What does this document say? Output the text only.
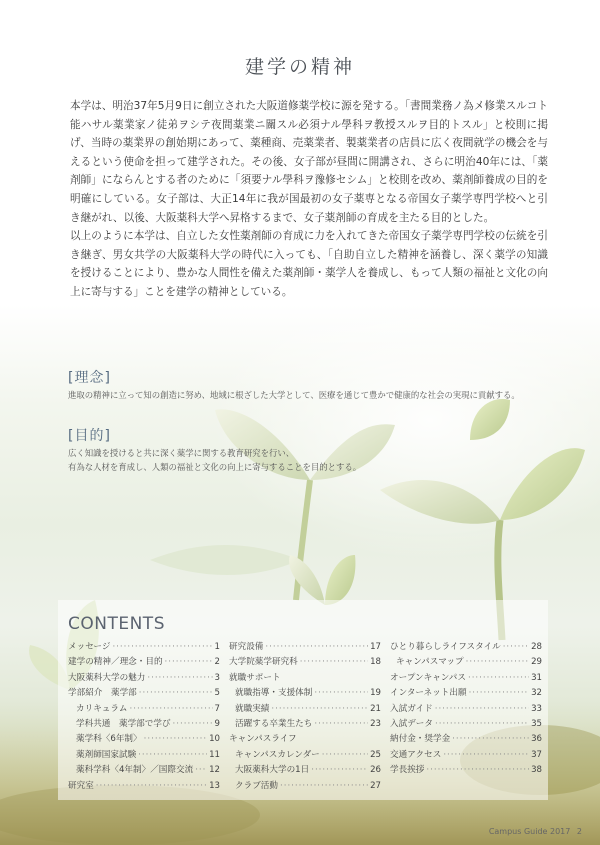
建学の精神

本学は、明治37年5月9日に創立された大阪道修薬学校に源を発する。「書間業務ノ為メ修業スルコト能ハサル薬業家ノ徒弟ヲシテ夜間薬業ニ關スル必須ナル學科ヲ教授スルヲ目的トスル」と校則に掲げ、当時の薬業界の創始期にあって、薬種商、売薬業者、製薬業者の店員に広く夜間就学の機会を与えるという使命を担って建学された。その後、女子部が昼間に開講され、さらに明治40年には、「薬剤師」にならんとする者のために「須要ナル學科ヲ豫修セシム」と校則を改め、薬剤師養成の目的を明確にしている。女子部は、大正14年に我が国最初の女子薬専となる帝国女子薬学専門学校へと引き継がれ、以後、大阪薬科大学へ昇格するまで、女子薬剤師の育成を主たる目的とした。

以上のように本学は、自立した女性薬剤師の育成に力を入れてきた帝国女子薬学専門学校の伝統を引き継ぎ、男女共学の大阪薬科大学の時代に入っても、「自助自立した精神を涵養し、深く薬学の知識を授けることにより、豊かな人間性を備えた薬剤師・薬学人を養成し、もって人類の福祉と文化の向上に寄与する」ことを建学の精神としている。

[理念]
進取の精神に立って知の創造に努め、地域に根ざした大学として、医療を通じて豊かで健康的な社会の実現に貢献する。
[目的]
広く知識を授けると共に深く薬学に関する教育研究を行い、
有為な人材を育成し、人類の福祉と文化の向上に寄与することを目的とする。
CONTENTS
メッセージ ·····	1
建学の精神／理念・目的 ·····	2
大阪薬科大学の魅力 ·····	3
学部紹介　薬学部 ·····	5
カリキュラム ·····	7
学科共通　薬学部で学び ·····	9
薬学科〈6年制〉 ·····	10
薬剤師国家試験 ·····	11
薬科学科〈4年制〉／国際交流 ····· 12
研究室 ·····	13
研究設備 ·····	17
大学院薬学研究科 ·····	18
就職サポート
就職指導・支援体制 ·····	19
就職実績 ·····	21
活躍する卒業生たち ·····	23
キャンパスライフ
キャンパスカレンダー ·····	25
大阪薬科大学の1日 ·····	26
クラブ活動 ·····	27
ひとり暮らしライフスタイル ·····	28
キャンパスマップ ·····	29
オープンキャンパス ·····	31
インターネット出願 ·····	32
入試ガイド ·····	33
入試データ ·····	35
納付金・奨学金 ·····	36
交通アクセス ·····	37
学長挨拶 ·····	38
Campus Guide 2017 2
